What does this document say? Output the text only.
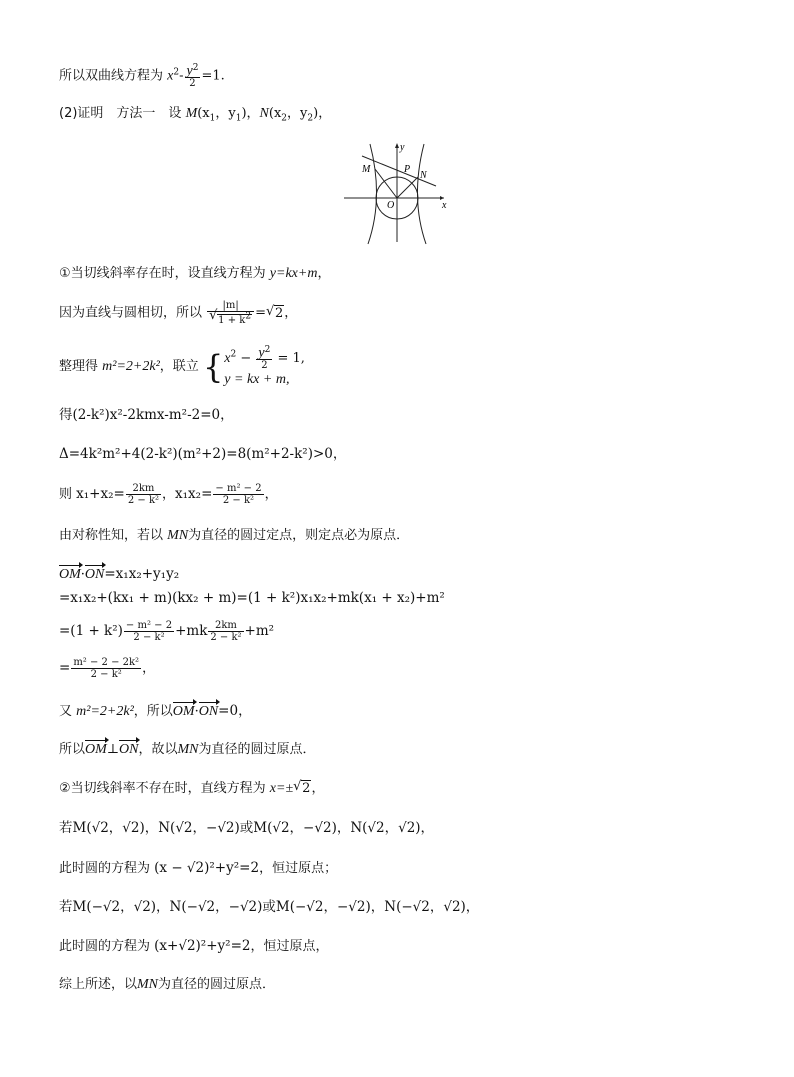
所以双曲线方程为 $x^2- \frac{y^2}{2} =1$.
(2)证明　方法一　设 $M(x_1$，$y_1$)，$N(x_2$，$y_2$)，
M
N
P
O	x
y
①当切线斜率存在时，设直线方程为 y=kx+m，
因为直线与圆相切，所以 |m|
√ $1 + k^2$ = √ 2，
整理得 m²=2+2k²，联立 {$x^2 - \frac{y^2}{2} = 1$,
y = kx + m,
得(2-k²)x²-2kmx-m²-2=0，
Δ=4k²m²+4(2-k²)(m²+2)=8(m²+2-k²)>0，
则 $x_1+x_2= \frac{2km}{\text{2 − k²}}$ ，$x_1x_2= \frac{\text{− m² − 2}}{\text{2 − k²}}$ ，
由对称性知，若以 MN为直径的圆过定点，则定点必为原点．
OM·ON=x₁x₂+y₁y₂
=x₁x₂+(kx₁ + m)(kx₂ + m)=(1 + k²)x₁x₂+mk(x₁ + x₂)+m²
$=(1 + k^2) \frac{\text{− m² − 2}}{\text{2 − k²}} +mk \frac{2km}{\text{2 − k²}} +m^2$
= $\frac{\text{m² − 2 − 2k²}}{\text{2 − k²}}$ ，
又 m²=2+2k²，所以OM·ON=0，
所以OM⊥ON，故以MN为直径的圆过原点．
②当切线斜率不存在时，直线方程为 x=± √ 2，
若M(√2，√2)，N(√2，−√2)或M(√2，−√2)，N(√2，√2)，
此时圆的方程为 (x − √2)²+y²=2，恒过原点；
若M(−√2，√2)，N(−√2，−√2)或M(−√2，−√2)，N(−√2，√2)，
此时圆的方程为 (x+√2)²+y²=2，恒过原点，
综上所述，以MN为直径的圆过原点．
